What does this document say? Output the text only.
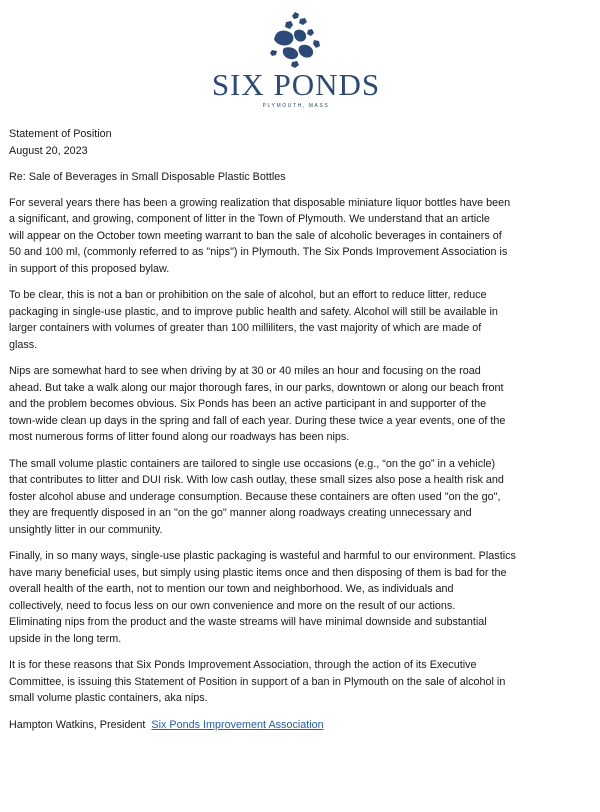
SIX PONDS
PLYMOUTH, MASS

Statement of Position

August 20, 2023

Re: Sale of Beverages in Small Disposable Plastic Bottles

For several years there has been a growing realization that disposable miniature liquor bottles have been
a significant, and growing, component of litter in the Town of Plymouth. We understand that an article
will appear on the October town meeting warrant to ban the sale of alcoholic beverages in containers of
50 and 100 ml, (commonly referred to as "nips") in Plymouth. The Six Ponds Improvement Association is
in support of this proposed bylaw.

To be clear, this is not a ban or prohibition on the sale of alcohol, but an effort to reduce litter, reduce
packaging in single-use plastic, and to improve public health and safety. Alcohol will still be available in
larger containers with volumes of greater than 100 milliliters, the vast majority of which are made of
glass.

Nips are somewhat hard to see when driving by at 30 or 40 miles an hour and focusing on the road
ahead. But take a walk along our major thorough fares, in our parks, downtown or along our beach front
and the problem becomes obvious. Six Ponds has been an active participant in and supporter of the
town-wide clean up days in the spring and fall of each year. During these twice a year events, one of the
most numerous forms of litter found along our roadways has been nips.

The small volume plastic containers are tailored to single use occasions (e.g., “on the go” in a vehicle)
that contributes to litter and DUI risk. With low cash outlay, these small sizes also pose a health risk and
foster alcohol abuse and underage consumption. Because these containers are often used "on the go",
they are frequently disposed in an "on the go" manner along roadways creating unnecessary and
unsightly litter in our community.

Finally, in so many ways, single-use plastic packaging is wasteful and harmful to our environment. Plastics
have many beneficial uses, but simply using plastic items once and then disposing of them is bad for the
overall health of the earth, not to mention our town and neighborhood. We, as individuals and
collectively, need to focus less on our own convenience and more on the result of our actions.
Eliminating nips from the product and the waste streams will have minimal downside and substantial
upside in the long term.

It is for these reasons that Six Ponds Improvement Association, through the action of its Executive
Committee, is issuing this Statement of Position in support of a ban in Plymouth on the sale of alcohol in
small volume plastic containers, aka nips.

Hampton Watkins, President Six Ponds Improvement Association
